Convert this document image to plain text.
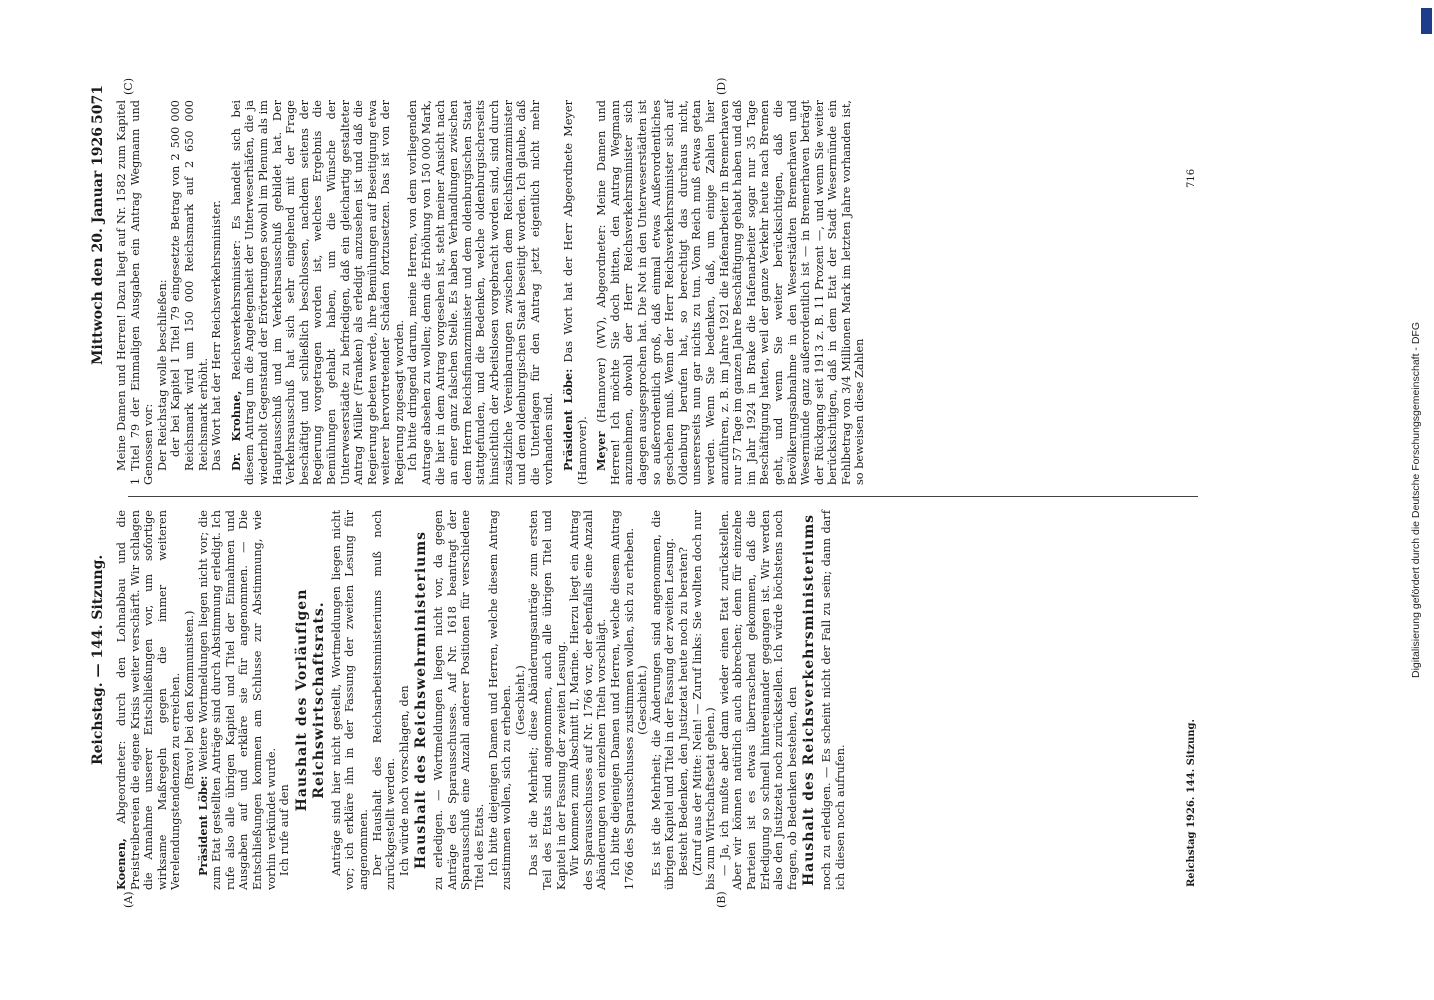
Reichstag. — 144. Sitzung.
Mittwoch den 20. Januar 1926
5071
(A)	(B)
(C)	(D)

Koenen, Abgeordneter: durch den Lohnabbau und die Preistreibereien die eigene Krisis weiter verschärft. Wir schlagen die Annahme unserer Entschließungen vor, um sofortige wirksame Maßregeln gegen die immer weiteren Verelendungstendenzen zu erreichen. (Bravo! bei den Kommunisten.)

Präsident Löbe: Weitere Wortmeldungen liegen nicht vor; die zum Etat gestellten Anträge sind durch Abstimmung erledigt. Ich rufe also alle übrigen Kapitel und Titel der Einnahmen und Ausgaben auf und erkläre sie für angenommen. — Die Entschließungen kommen am Schlusse zur Abstimmung, wie vorhin verkündet wurde. Ich rufe auf den

Haushalt des Vorläufigen Reichswirtschaftsrats. Anträge sind hier nicht gestellt, Wortmeldungen liegen nicht vor; ich erkläre ihn in der Fassung der zweiten Lesung für angenommen. Der Haushalt des Reichsarbeitsministeriums muß noch zurückgestellt werden. Ich würde noch vorschlagen, den Haushalt des Reichswehrministeriums zu erledigen. — Wortmeldungen liegen nicht vor, da gegen Anträge des Sparausschusses. Auf Nr. 1618 beantragt der Sparausschuß eine Anzahl anderer Positionen für verschiedene Titel des Etats. Ich bitte diejenigen Damen und Herren, welche diesem Antrag zustimmen wollen, sich zu erheben. (Geschieht.) Das ist die Mehrheit; diese Abänderungsanträge zum ersten Teil des Etats sind angenommen, auch alle übrigen Titel und Kapitel in der Fassung der zweiten Lesung. Wir kommen zum Abschnitt II, Marine. Hierzu liegt ein Antrag des Sparausschusses auf Nr. 1766 vor, der ebenfalls eine Anzahl Abänderungen von einzelnen Titeln vorschlägt. Ich bitte diejenigen Damen und Herren, welche diesem Antrag 1766 des Sparausschusses zustimmen wollen, sich zu erheben. (Geschieht.) Es ist die Mehrheit; die Änderungen sind angenommen, die übrigen Kapitel und Titel in der Fassung der zweiten Lesung. Besteht Bedenken, den Justizetat heute noch zu beraten? (Zuruf aus der Mitte: Nein! — Zuruf links: Sie wollten doch nur bis zum Wirtschaftsetat gehen.) — Ja, ich mußte aber dann wieder einen Etat zurückstellen. Aber wir können natürlich auch abbrechen; denn für einzelne Parteien ist es etwas überraschend gekommen, daß die Erledigung so schnell hintereinander gegangen ist. Wir werden also den Justizetat noch zurückstellen. Ich würde höchstens noch fragen, ob Bedenken bestehen, den Haushalt des Reichsverkehrsministeriums noch zu erledigen. — Es scheint nicht der Fall zu sein; dann darf ich diesen noch aufrufen.

Meine Damen und Herren! Dazu liegt auf Nr. 1582 zum Kapitel 1 Titel 79 der Einmaligen Ausgaben ein Antrag Wegmann und Genossen vor: Der Reichstag wolle beschließen: der bei Kapitel 1 Titel 79 eingesetzte Betrag von 2 500 000 Reichsmark wird um 150 000 Reichsmark auf 2 650 000 Reichsmark erhöht. Das Wort hat der Herr Reichsverkehrsminister. Dr. Krohne, Reichsverkehrsminister: Es handelt sich bei diesem Antrag um die Angelegenheit der Unterweserhäfen, die ja wiederholt Gegenstand der Erörterungen sowohl im Plenum als im Hauptausschuß und im Verkehrsausschuß gebildet hat. Der Verkehrsausschuß hat sich sehr eingehend mit der Frage beschäftigt und schließlich beschlossen, nachdem seitens der Regierung vorgetragen worden ist, welches Ergebnis die Bemühungen gehabt haben, um die Wünsche der Unterweserstädte zu befriedigen, daß ein gleichartig gestalteter Antrag Müller (Franken) als erledigt anzusehen ist und daß die Regierung gebeten werde, ihre Bemühungen auf Beseitigung etwa weiterer hervortretender Schäden fortzusetzen. Das ist von der Regierung zugesagt worden. Ich bitte dringend darum, meine Herren, von dem vorliegenden Antrage absehen zu wollen; denn die Erhöhung von 150 000 Mark, die hier in dem Antrag vorgesehen ist, steht meiner Ansicht nach an einer ganz falschen Stelle. Es haben Verhandlungen zwischen dem Herrn Reichsfinanzminister und dem oldenburgischen Staat stattgefunden, und die Bedenken, welche oldenburgischerseits hinsichtlich der Arbeitslosen vorgebracht worden sind, sind durch zusätzliche Vereinbarungen zwischen dem Reichsfinanzminister und dem oldenburgischen Staat beseitigt worden. Ich glaube, daß die Unterlagen für den Antrag jetzt eigentlich nicht mehr vorhanden sind. Präsident Löbe: Das Wort hat der Herr Abgeordnete Meyer (Hannover). Meyer (Hannover) (WV), Abgeordneter: Meine Damen und Herren! Ich möchte Sie doch bitten, den Antrag Wegmann anzunehmen, obwohl der Herr Reichsverkehrsminister sich dagegen ausgesprochen hat. Die Not in den Unterweserstädten ist so außerordentlich groß, daß einmal etwas Außerordentliches geschehen muß. Wenn der Herr Reichsverkehrsminister sich auf Oldenburg berufen hat, so berechtigt das durchaus nicht, unsererseits nun gar nichts zu tun. Vom Reich muß etwas getan werden. Wenn Sie bedenken, daß, um einige Zahlen hier anzuführen, z. B. im Jahre 1921 die Hafenarbeiter in Bremerhaven nur 57 Tage im ganzen Jahre Beschäftigung gehabt haben und daß im Jahr 1924 in Brake die Hafenarbeiter sogar nur 35 Tage Beschäftigung hatten, weil der ganze Verkehr heute nach Bremen geht, und wenn Sie weiter berücksichtigen, daß die Bevölkerungsabnahme in den Weserstädten Bremerhaven und Wesermünde ganz außerordentlich ist — in Bremerhaven beträgt der Rückgang seit 1913 z. B. 11 Prozent —, und wenn Sie weiter berücksichtigen, daß in dem Etat der Stadt Wesermünde ein Fehlbetrag von 3/4 Millionen Mark im letzten Jahre vorhanden ist, so beweisen diese Zahlen

Reichstag 1926. 144. Sitzung.
716
Digitalisierung gefördert durch die Deutsche Forschungsgemeinschaft - DFG
